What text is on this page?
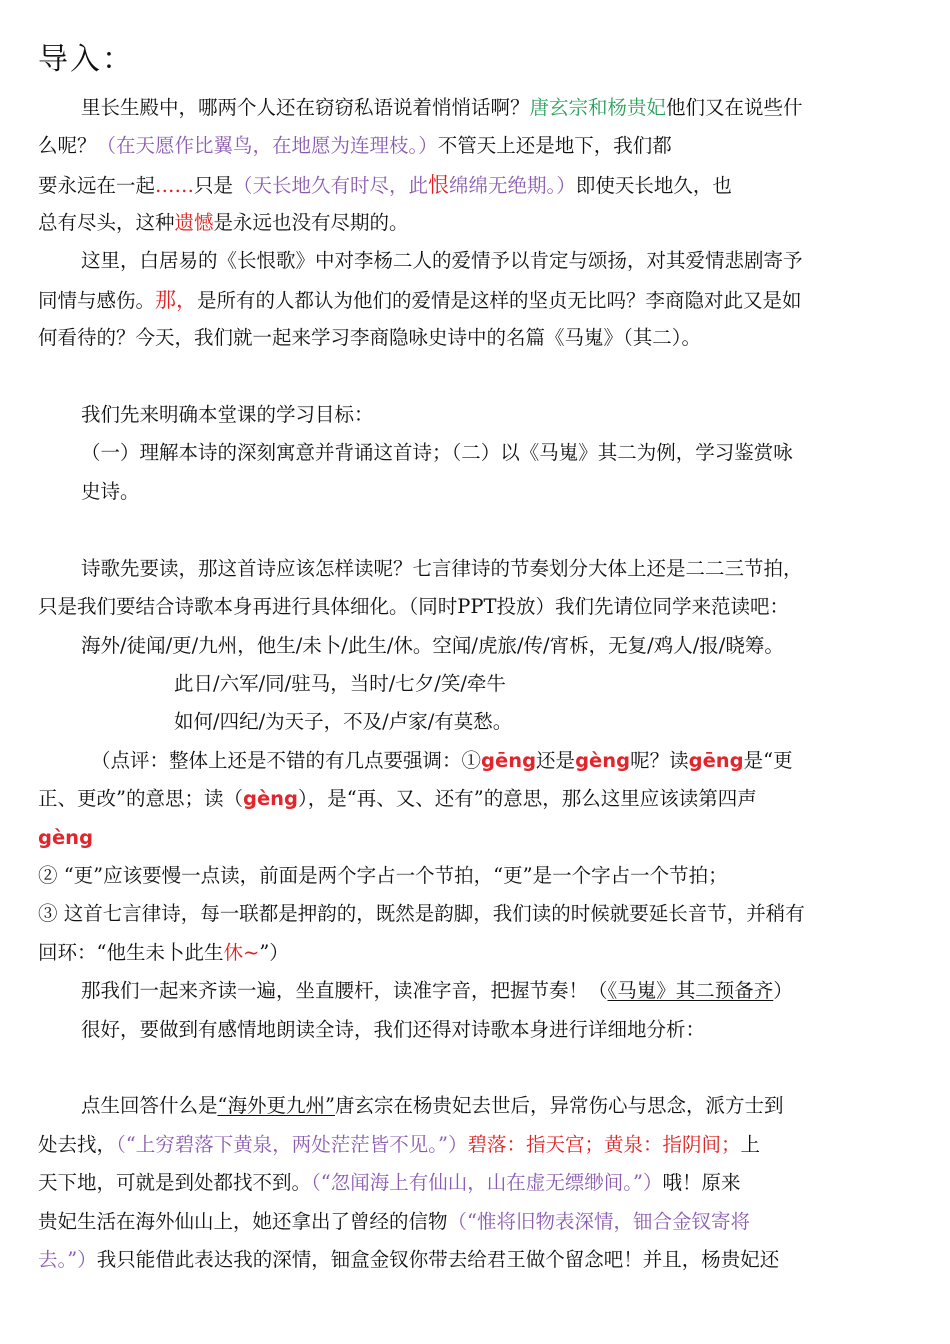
导入：
里长生殿中，哪两个人还在窃窃私语说着悄悄话啊？唐玄宗和杨贵妃他们又在说些什
么呢？（在天愿作比翼鸟，在地愿为连理枝。）不管天上还是地下，我们都
要永远在一起……只是（天长地久有时尽，此恨绵绵无绝期。）即使天长地久，也
总有尽头，这种遗憾是永远也没有尽期的。
这里，白居易的《长恨歌》中对李杨二人的爱情予以肯定与颂扬，对其爱情悲剧寄予
同情与感伤。那，是所有的人都认为他们的爱情是这样的坚贞无比吗？李商隐对此又是如
何看待的？今天，我们就一起来学习李商隐咏史诗中的名篇《马嵬》（其二）。
我们先来明确本堂课的学习目标：
（一）理解本诗的深刻寓意并背诵这首诗；（二）以《马嵬》其二为例，学习鉴赏咏
史诗。
诗歌先要读，那这首诗应该怎样读呢？七言律诗的节奏划分大体上还是二二三节拍，
只是我们要结合诗歌本身再进行具体细化。（同时PPT投放）我们先请位同学来范读吧：
海外/徒闻/更/九州，他生/未卜/此生/休。空闻/虎旅/传/宵柝，无复/鸡人/报/晓筹。
此日/六军/同/驻马，当时/七夕/笑/牵牛
如何/四纪/为天子，不及/卢家/有莫愁。
（点评：整体上还是不错的有几点要强调：①gēng还是gèng呢？读gēng是“更
正、更改”的意思；读（gèng），是“再、又、还有”的意思，那么这里应该读第四声
gèng
② “更”应该要慢一点读，前面是两个字占一个节拍，“更”是一个字占一个节拍；
③ 这首七言律诗，每一联都是押韵的，既然是韵脚，我们读的时候就要延长音节，并稍有
回环：“他生未卜此生休~”）
那我们一起来齐读一遍，坐直腰杆，读准字音，把握节奏！（《马嵬》其二预备齐）
很好，要做到有感情地朗读全诗，我们还得对诗歌本身进行详细地分析：
点生回答什么是“海外更九州”唐玄宗在杨贵妃去世后，异常伤心与思念，派方士到
处去找，（“上穷碧落下黄泉，两处茫茫皆不见。”）碧落：指天宫；黄泉：指阴间；上
天下地，可就是到处都找不到。（“忽闻海上有仙山，山在虚无缥缈间。”）哦！原来
贵妃生活在海外仙山上，她还拿出了曾经的信物（“惟将旧物表深情，钿合金钗寄将
去。”）我只能借此表达我的深情，钿盒金钗你带去给君王做个留念吧！并且，杨贵妃还
